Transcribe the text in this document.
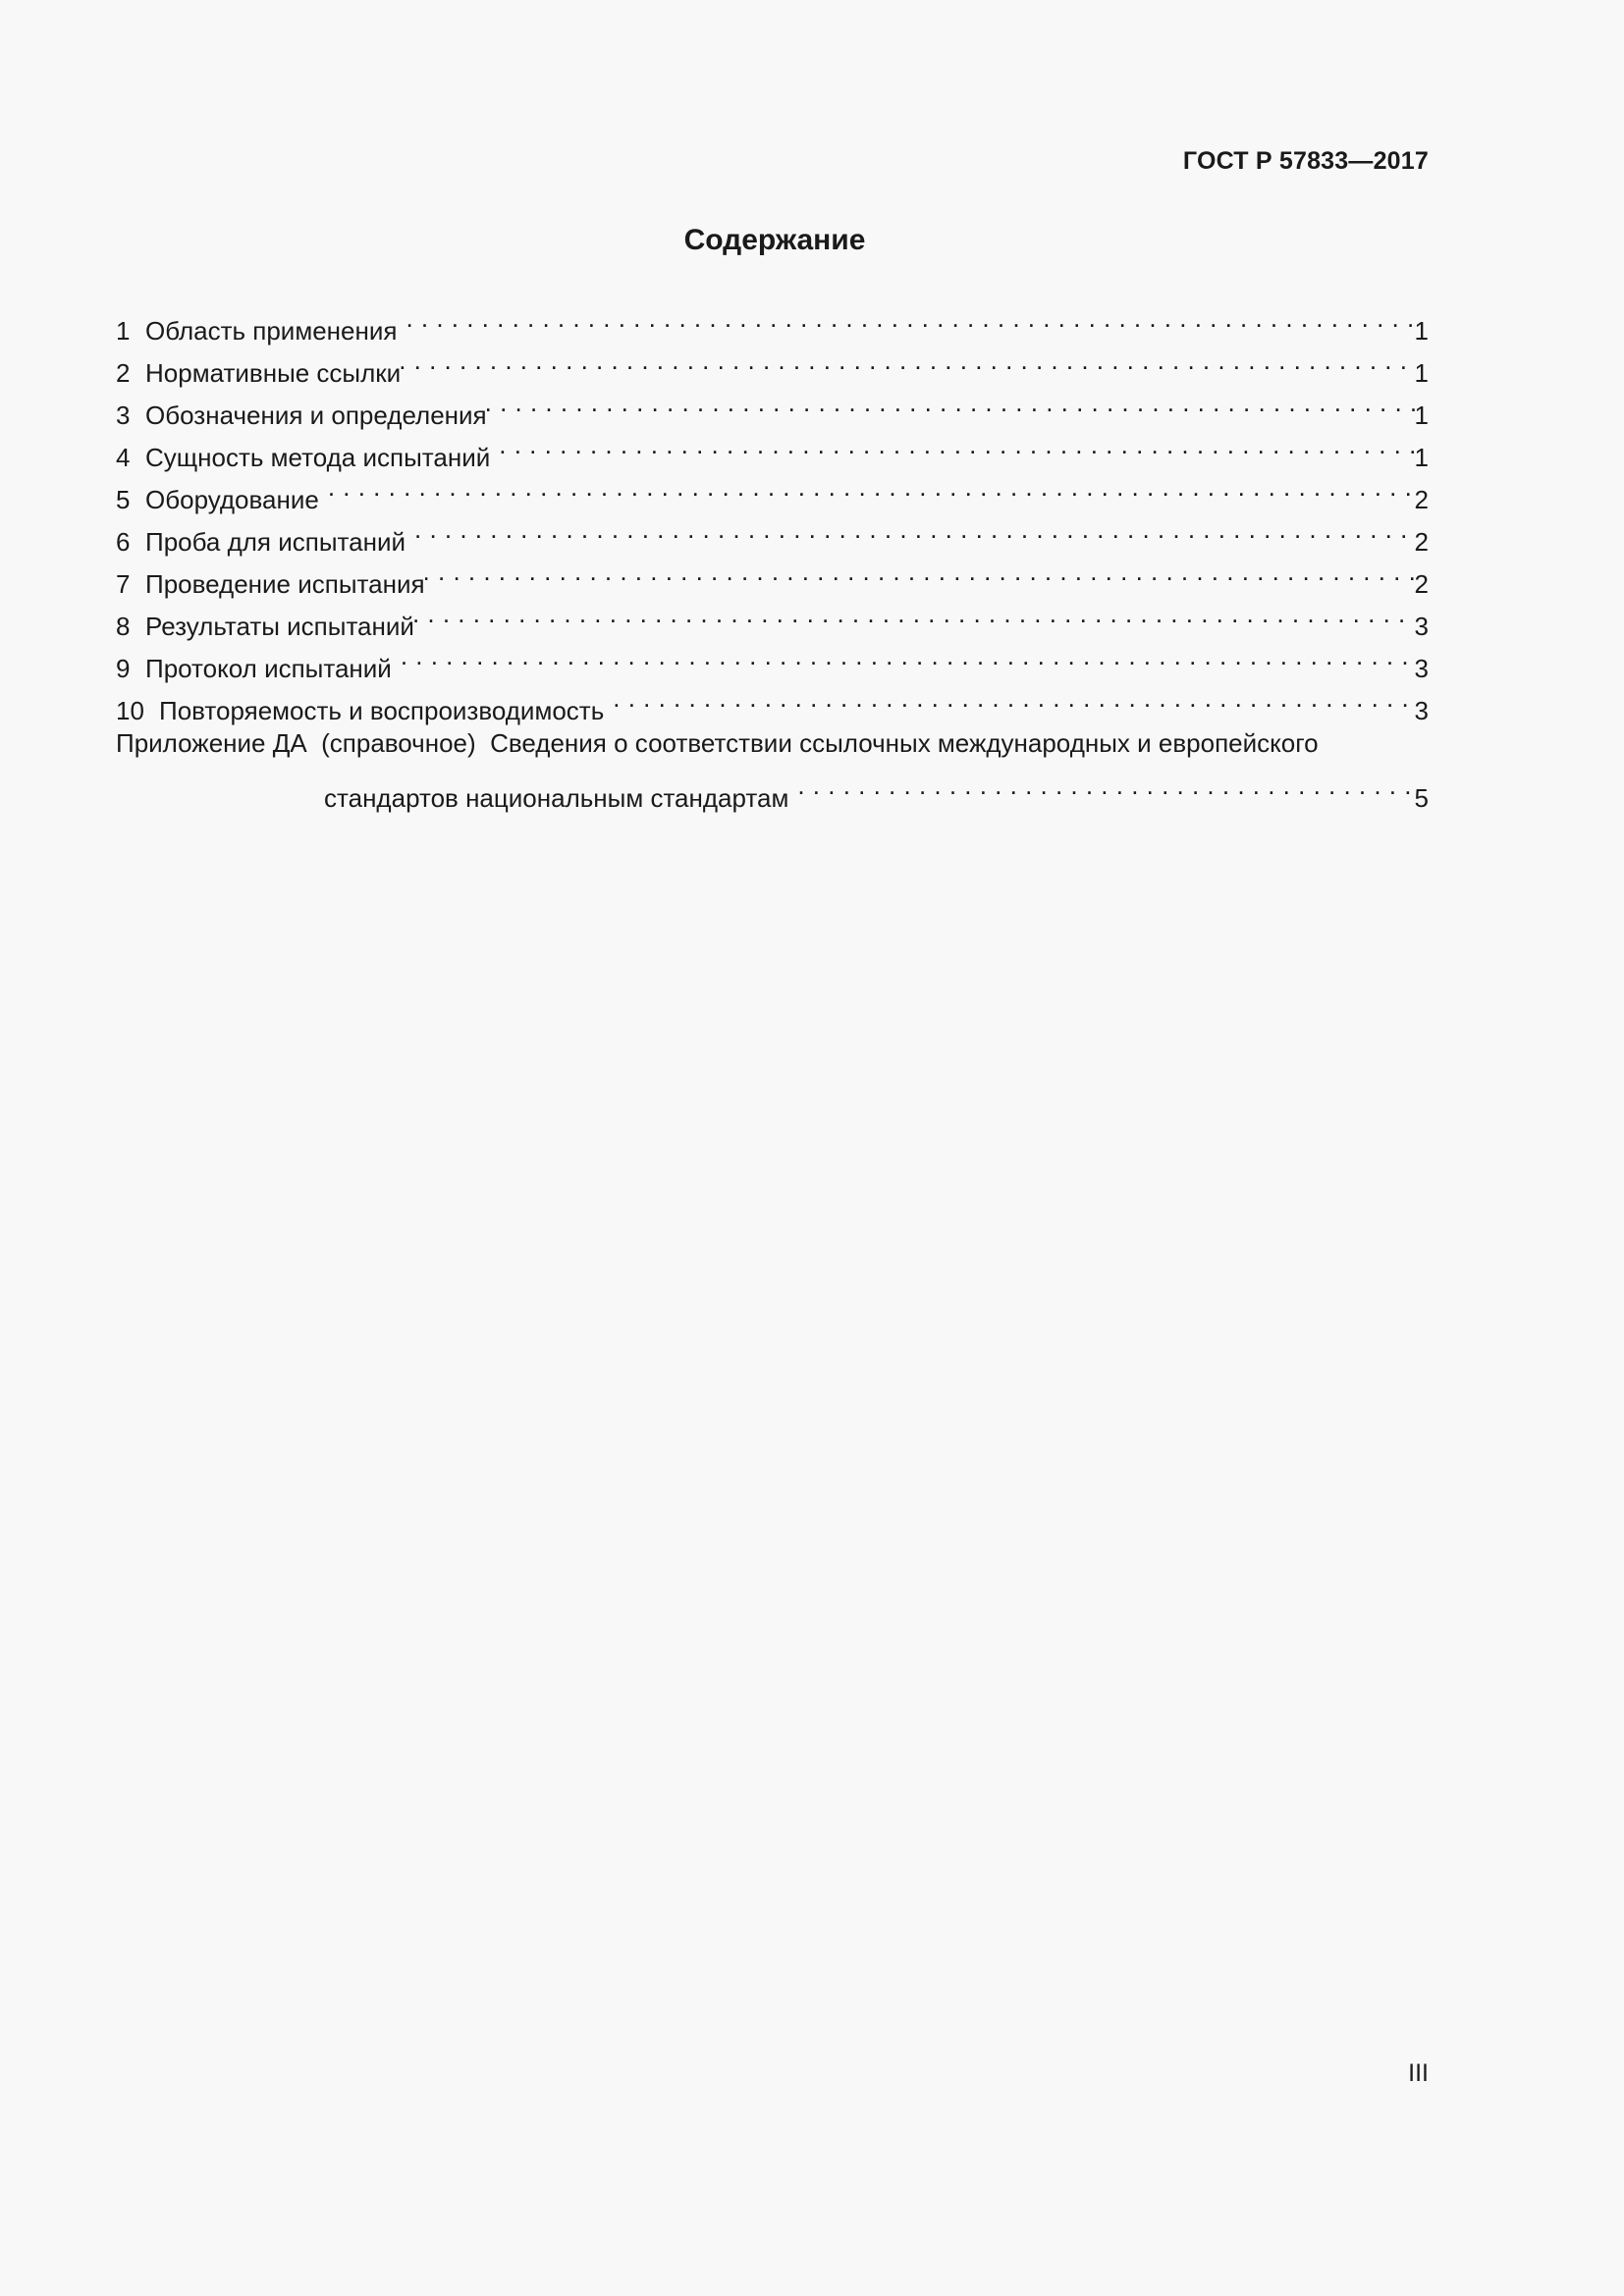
ГОСТ Р 57833—2017
Содержание
1 Область применения . . .	1
2 Нормативные ссылки . . .	1
3 Обозначения и определения . . .	1
4 Сущность метода испытаний . . .	1
5 Оборудование . . .	2
6 Проба для испытаний . . .	2
7 Проведение испытания . . .	2
8 Результаты испытаний . . .	3
9 Протокол испытаний . . .	3
10 Повторяемость и воспроизводимость . . .	3
Приложение ДА  (справочное)  Сведения о соответствии ссылочных международных и европейского
стандартов национальным стандартам . . .	5
III
